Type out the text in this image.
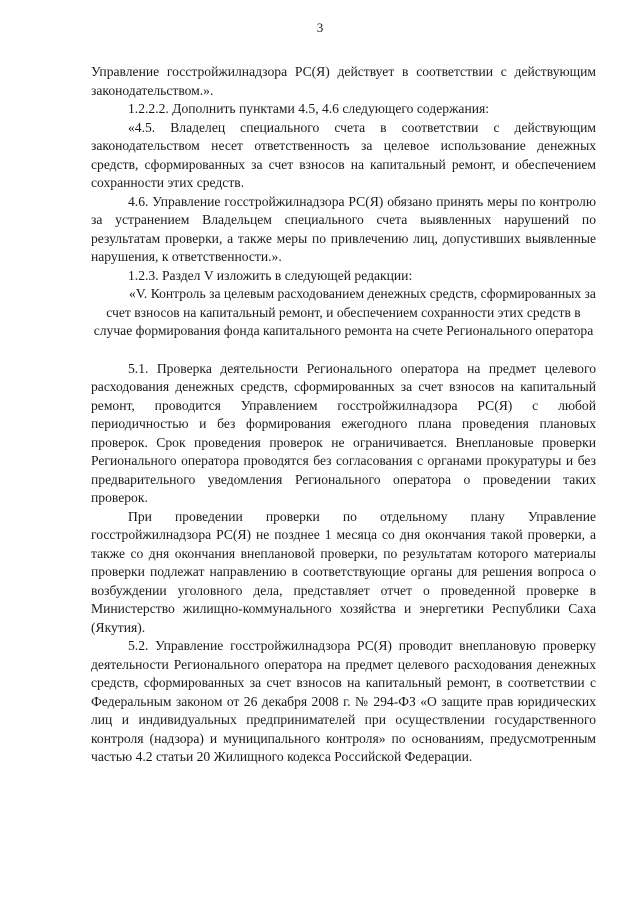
3

Управление госстройжилнадзора РС(Я) действует в соответствии с действующим законодательством.».

1.2.2.2. Дополнить пунктами 4.5, 4.6 следующего содержания:

«4.5. Владелец специального счета в соответствии с действующим законодательством несет ответственность за целевое использование денежных средств, сформированных за счет взносов на капитальный ремонт, и обеспечением сохранности этих средств.

4.6. Управление госстройжилнадзора РС(Я) обязано принять меры по контролю за устранением Владельцем специального счета выявленных нарушений по результатам проверки, а также меры по привлечению лиц, допустивших выявленные нарушения, к ответственности.».

1.2.3. Раздел V изложить в следующей редакции:

«V. Контроль за целевым расходованием денежных средств, сформированных за счет взносов на капитальный ремонт, и обеспечением сохранности этих средств в случае формирования фонда капитального ремонта на счете Регионального оператора

5.1. Проверка деятельности Регионального оператора на предмет целевого расходования денежных средств, сформированных за счет взносов на капитальный ремонт, проводится Управлением госстройжилнадзора РС(Я) с любой периодичностью и без формирования ежегодного плана проведения плановых проверок. Срок проведения проверок не ограничивается. Внеплановые проверки Регионального оператора проводятся без согласования с органами прокуратуры и без предварительного уведомления Регионального оператора о проведении таких проверок.

При проведении проверки по отдельному плану Управление госстройжилнадзора РС(Я) не позднее 1 месяца со дня окончания такой проверки, а также со дня окончания внеплановой проверки, по результатам которого материалы проверки подлежат направлению в соответствующие органы для решения вопроса о возбуждении уголовного дела, представляет отчет о проведенной проверке в Министерство жилищно-коммунального хозяйства и энергетики Республики Саха (Якутия).

5.2. Управление госстройжилнадзора РС(Я) проводит внеплановую проверку деятельности Регионального оператора на предмет целевого расходования денежных средств, сформированных за счет взносов на капитальный ремонт, в соответствии с Федеральным законом от 26 декабря 2008 г. № 294-ФЗ «О защите прав юридических лиц и индивидуальных предпринимателей при осуществлении государственного контроля (надзора) и муниципального контроля» по основаниям, предусмотренным частью 4.2 статьи 20 Жилищного кодекса Российской Федерации.
